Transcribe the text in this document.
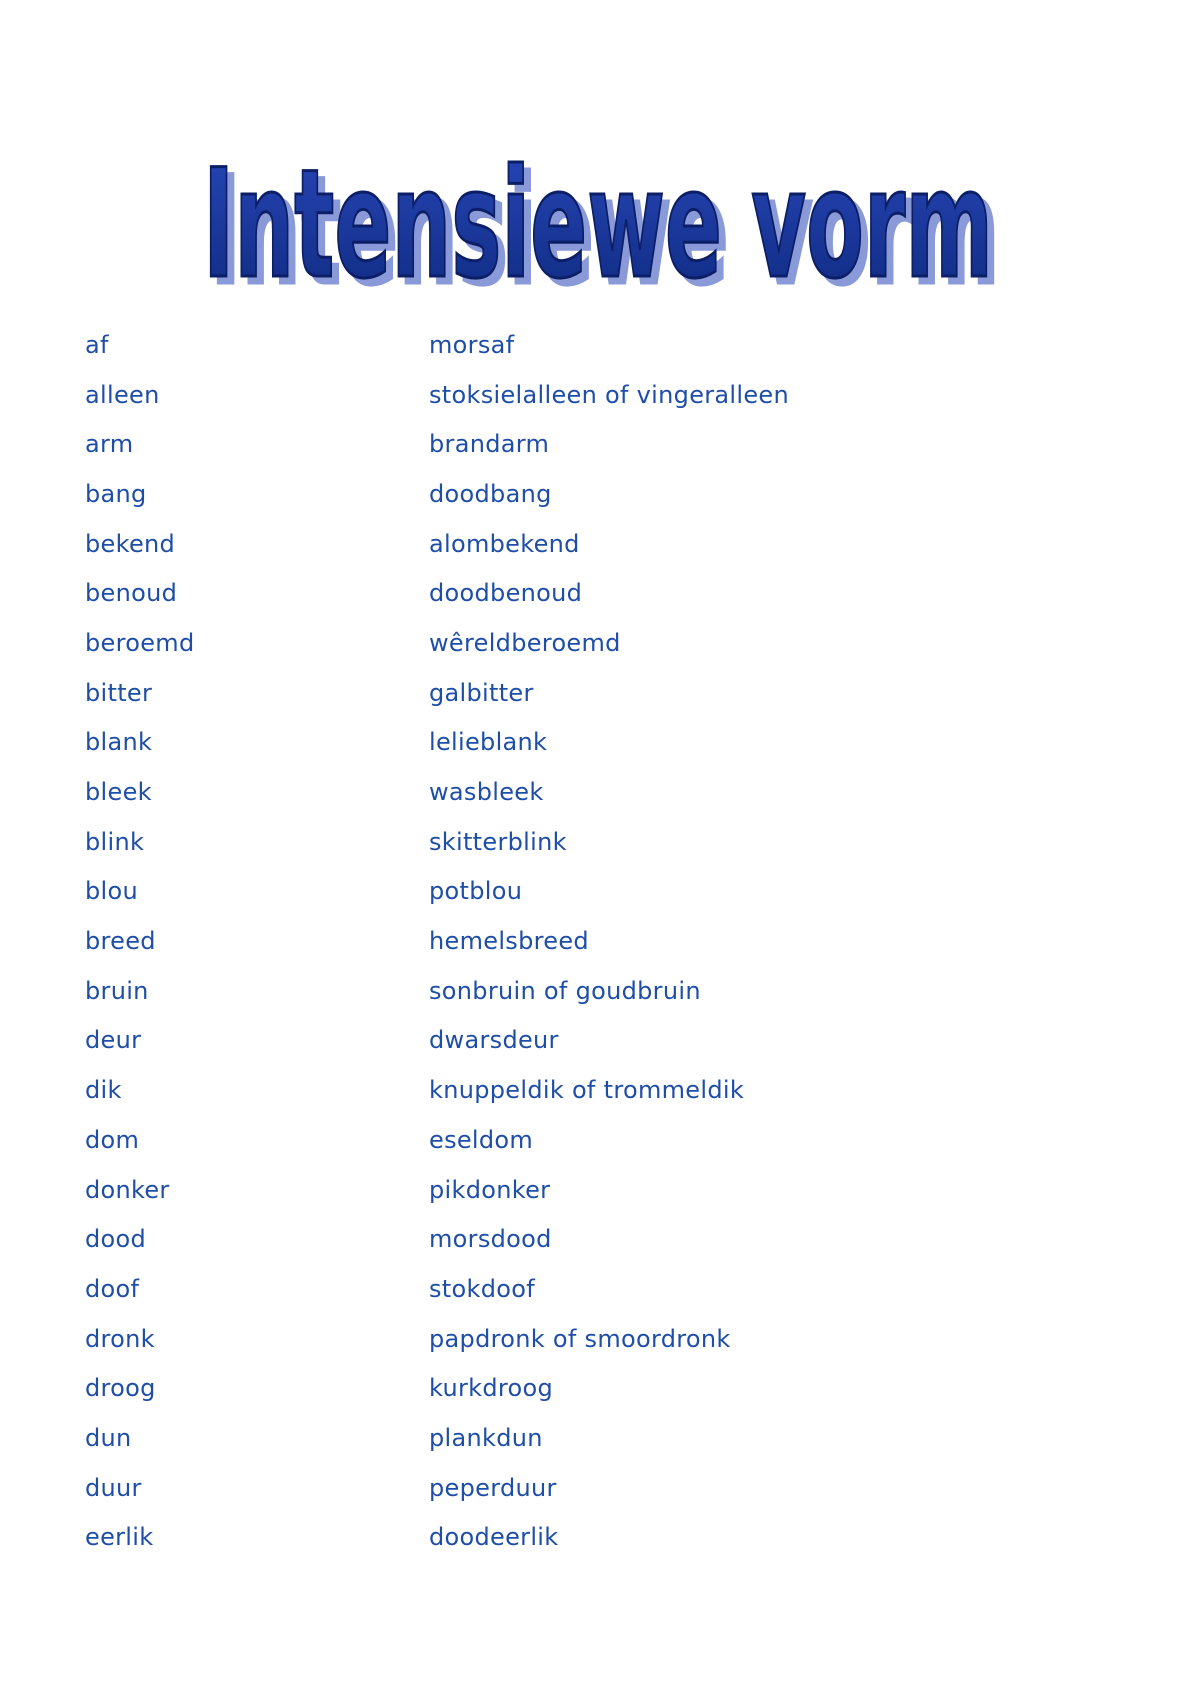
Intensiewe vorm
Intensiewe vorm
af	morsaf
alleen	stoksielalleen of vingeralleen
arm	brandarm
bang	doodbang
bekend	alombekend
benoud	doodbenoud
beroemd	wêreldberoemd
bitter	galbitter
blank	lelieblank
bleek	wasbleek
blink	skitterblink
blou	potblou
breed	hemelsbreed
bruin	sonbruin of goudbruin
deur	dwarsdeur
dik	knuppeldik of trommeldik
dom	eseldom
donker	pikdonker
dood	morsdood
doof	stokdoof
dronk	papdronk of smoordronk
droog	kurkdroog
dun	plankdun
duur	peperduur
eerlik	doodeerlik
